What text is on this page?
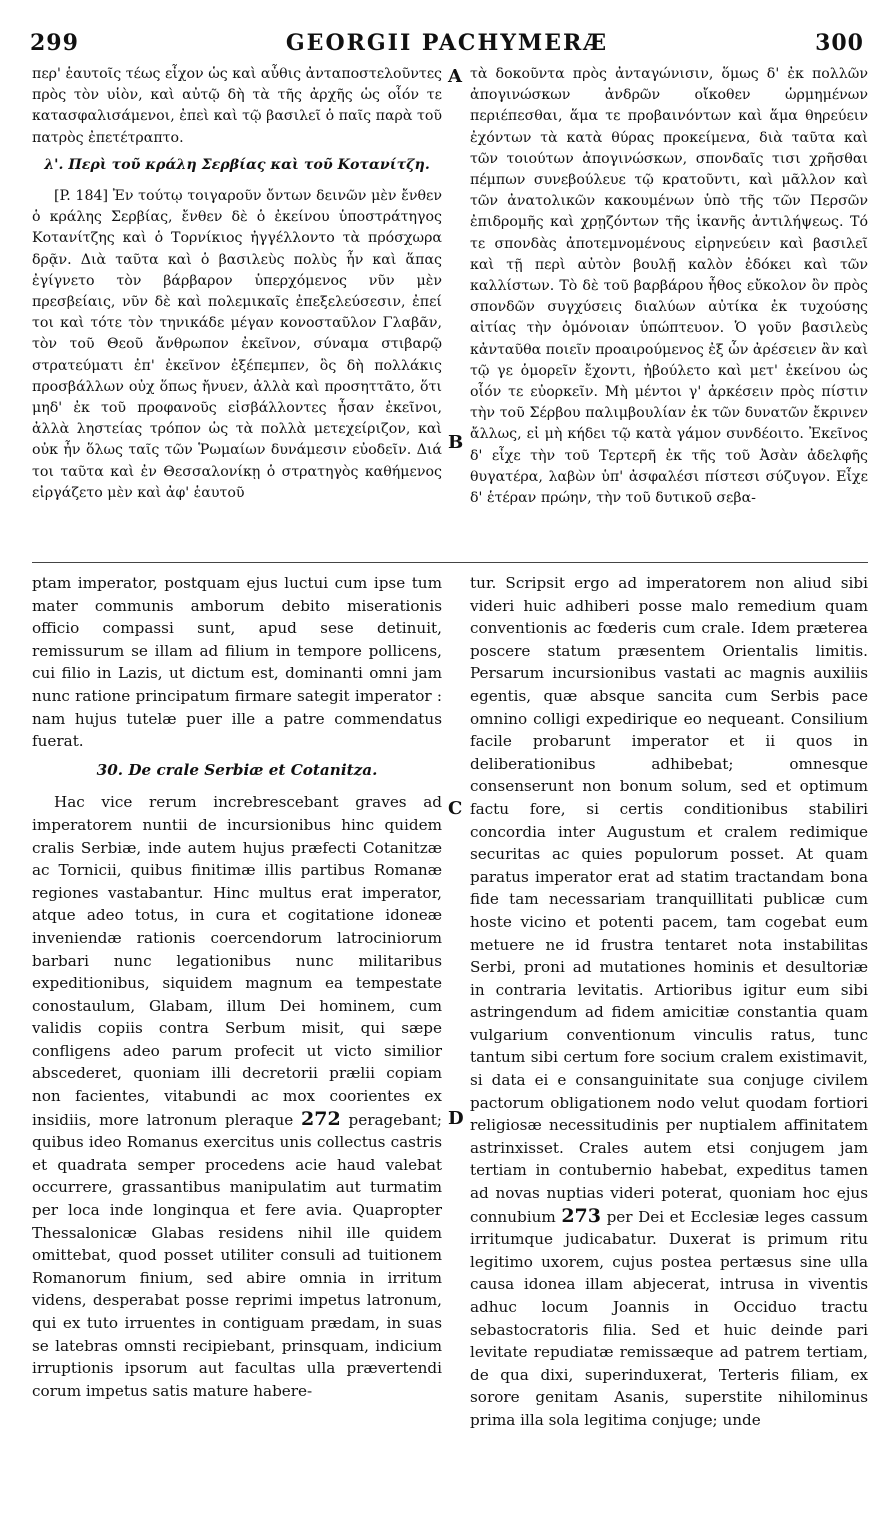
299	GEORGII PACHYMERÆ	300

περ' ἑαυτοῖς τέως εἶχον ὡς καὶ αὖθις ἀνταποστελοῦντες πρὸς τὸν υἱὸν, καὶ αὐτῷ δὴ τὰ τῆς ἀρχῆς ὡς οἷόν τε κατασφαλισάμενοι, ἐπεὶ καὶ τῷ βασιλεῖ ὁ παῖς παρὰ τοῦ πατρὸς ἐπετέτραπτο.

λ'. Περὶ τοῦ κράλη Σερβίας καὶ τοῦ Κοτανίτζη.

[P. 184] Ἐν τούτῳ τοιγαροῦν ὄντων δεινῶν μὲν ἔνθεν ὁ κράλης Σερβίας, ἔνθεν δὲ ὁ ἐκείνου ὑποστράτηγος Κοτανίτζης καὶ ὁ Τορνίκιος ἠγγέλλοντο τὰ πρόσχωρα δρᾷν. Διὰ ταῦτα καὶ ὁ βασιλεὺς πολὺς ἦν καὶ ἅπας ἐγίγνετο τὸν βάρβαρον ὑπερχόμενος νῦν μὲν πρεσβείαις, νῦν δὲ καὶ πολεμικαῖς ἐπεξελεύσεσιν, ἐπεί τοι καὶ τότε τὸν τηνικάδε μέγαν κονοσταῦλον Γλαβᾶν, τὸν τοῦ Θεοῦ ἄνθρωπον ἐκεῖνον, σύναμα στιβαρῷ στρατεύματι ἐπ' ἐκεῖνον ἐξέπεμπεν, ὃς δὴ πολλάκις προσβάλλων οὐχ ὅπως ἤνυεν, ἀλλὰ καὶ προσηττᾶτο, ὅτι μηδ' ἐκ τοῦ προφανοῦς εἰσβάλλοντες ἦσαν ἐκεῖνοι, ἀλλὰ ληστείας τρόπον ὡς τὰ πολλὰ μετεχείριζον, καὶ οὐκ ἦν ὅλως ταῖς τῶν Ῥωμαίων δυνάμεσιν εὐοδεῖν. Διά τοι ταῦτα καὶ ἐν Θεσσαλονίκῃ ὁ στρατηγὸς καθήμενος εἰργάζετο μὲν καὶ ἀφ' ἑαυτοῦ

τὰ δοκοῦντα πρὸς ἀνταγώνισιν, ὅμως δ' ἐκ πολλῶν ἀπογινώσκων ἀνδρῶν οἴκοθεν ὡρμημένων περιέπεσθαι, ἅμα τε προβαινόντων καὶ ἅμα θηρεύειν ἐχόντων τὰ κατὰ θύρας προκείμενα, διὰ ταῦτα καὶ τῶν τοιούτων ἀπογινώσκων, σπονδαῖς τισι χρῆσθαι πέμπων συνεβούλευε τῷ κρατοῦντι, καὶ μᾶλλον καὶ τῶν ἀνατολικῶν κακουμένων ὑπὸ τῆς τῶν Περσῶν ἐπιδρομῆς καὶ χρῃζόντων τῆς ἱκανῆς ἀντιλήψεως. Τό τε σπονδὰς ἀποτεμνομένους εἰρηνεύειν καὶ βασιλεῖ καὶ τῇ περὶ αὐτὸν βουλῇ καλὸν ἐδόκει καὶ τῶν καλλίστων. Τὸ δὲ τοῦ βαρβάρου ἦθος εὔκολον ὂν πρὸς σπονδῶν συγχύσεις διαλύων αὐτίκα ἐκ τυχούσης αἰτίας τὴν ὁμόνοιαν ὑπώπτευον. Ὁ γοῦν βασιλεὺς κἀνταῦθα ποιεῖν προαιρούμενος ἐξ ὧν ἀρέσειεν ἂν καὶ τῷ γε ὁμορεῖν ἔχοντι, ἠβούλετο καὶ μετ' ἐκείνου ὡς οἷόν τε εὐορκεῖν. Μὴ μέντοι γ' ἀρκέσειν πρὸς πίστιν τὴν τοῦ Σέρβου παλιμβουλίαν ἐκ τῶν δυνατῶν ἔκρινεν ἄλλως, εἰ μὴ κήδει τῷ κατὰ γάμον συνδέοιτο. Ἐκεῖνος δ' εἶχε τὴν τοῦ Τερτερῆ ἐκ τῆς τοῦ Ἀσὰν ἀδελφῆς θυγατέρα, λαβὼν ὑπ' ἀσφαλέσι πίστεσι σύζυγον. Εἶχε δ' ἑτέραν πρώην, τὴν τοῦ δυτικοῦ σεβα-

ptam imperator, postquam ejus luctui cum ipse tum mater communis amborum debito miserationis officio compassi sunt, apud sese detinuit, remissurum se illam ad filium in tempore pollicens, cui filio in Lazis, ut dictum est, dominanti omni jam nunc ratione principatum firmare sategit imperator : nam hujus tutelæ puer ille a patre commendatus fuerat.

30. De crale Serbiæ et Cotanitza.

Hac vice rerum increbrescebant graves ad imperatorem nuntii de incursionibus hinc quidem cralis Serbiæ, inde autem hujus præfecti Cotanitzæ ac Tornicii, quibus finitimæ illis partibus Romanæ regiones vastabantur. Hinc multus erat imperator, atque adeo totus, in cura et cogitatione idoneæ inveniendæ rationis coercendorum latrociniorum barbari nunc legationibus nunc militaribus expeditionibus, siquidem magnum ea tempestate conostaulum, Glabam, illum Dei hominem, cum validis copiis contra Serbum misit, qui sæpe confligens adeo parum profecit ut victo similior abscederet, quoniam illi decretorii prælii copiam non facientes, vitabundi ac mox coorientes ex insidiis, more latronum pleraque 272 peragebant; quibus ideo Romanus exercitus unis collectus castris et quadrata semper procedens acie haud valebat occurrere, grassantibus manipulatim aut turmatim per loca inde longinqua et fere avia. Quapropter Thessalonicæ Glabas residens nihil ille quidem omittebat, quod posset utiliter consuli ad tuitionem Romanorum finium, sed abire omnia in irritum videns, desperabat posse reprimi impetus latronum, qui ex tuto irruentes in contiguam prædam, in suas se latebras omnsti recipiebant, prinsquam, indicium irruptionis ipsorum aut facultas ulla prævertendi corum impetus satis mature habere-

tur. Scripsit ergo ad imperatorem non aliud sibi videri huic adhiberi posse malo remedium quam conventionis ac fœderis cum crale. Idem præterea poscere statum præsentem Orientalis limitis. Persarum incursionibus vastati ac magnis auxiliis egentis, quæ absque sancita cum Serbis pace omnino colligi expedirique eo nequeant. Consilium facile probarunt imperator et ii quos in deliberationibus adhibebat; omnesque consenserunt non bonum solum, sed et optimum factu fore, si certis conditionibus stabiliri concordia inter Augustum et cralem redimique securitas ac quies populorum posset. At quam paratus imperator erat ad statim tractandam bona fide tam necessariam tranquillitati publicæ cum hoste vicino et potenti pacem, tam cogebat eum metuere ne id frustra tentaret nota instabilitas Serbi, proni ad mutationes hominis et desultoriæ in contraria levitatis. Artioribus igitur eum sibi astringendum ad fidem amicitiæ constantia quam vulgarium conventionum vinculis ratus, tunc tantum sibi certum fore socium cralem existimavit, si data ei e consanguinitate sua conjuge civilem pactorum obligationem nodo velut quodam fortiori religiosæ necessitudinis per nuptialem affinitatem astrinxisset. Crales autem etsi conjugem jam tertiam in contubernio habebat, expeditus tamen ad novas nuptias videri poterat, quoniam hoc ejus connubium 273 per Dei et Ecclesiæ leges cassum irritumque judicabatur. Duxerat is primum ritu legitimo uxorem, cujus postea pertæsus sine ulla causa idonea illam abjecerat, intrusa in viventis adhuc locum Joannis in Occiduo tractu sebastocratoris filia. Sed et huic deinde pari levitate repudiatæ remissæque ad patrem tertiam, de qua dixi, superinduxerat, Terteris filiam, ex sorore genitam Asanis, superstite nihilominus prima illa sola legitima conjuge; unde

A
B
C
D
